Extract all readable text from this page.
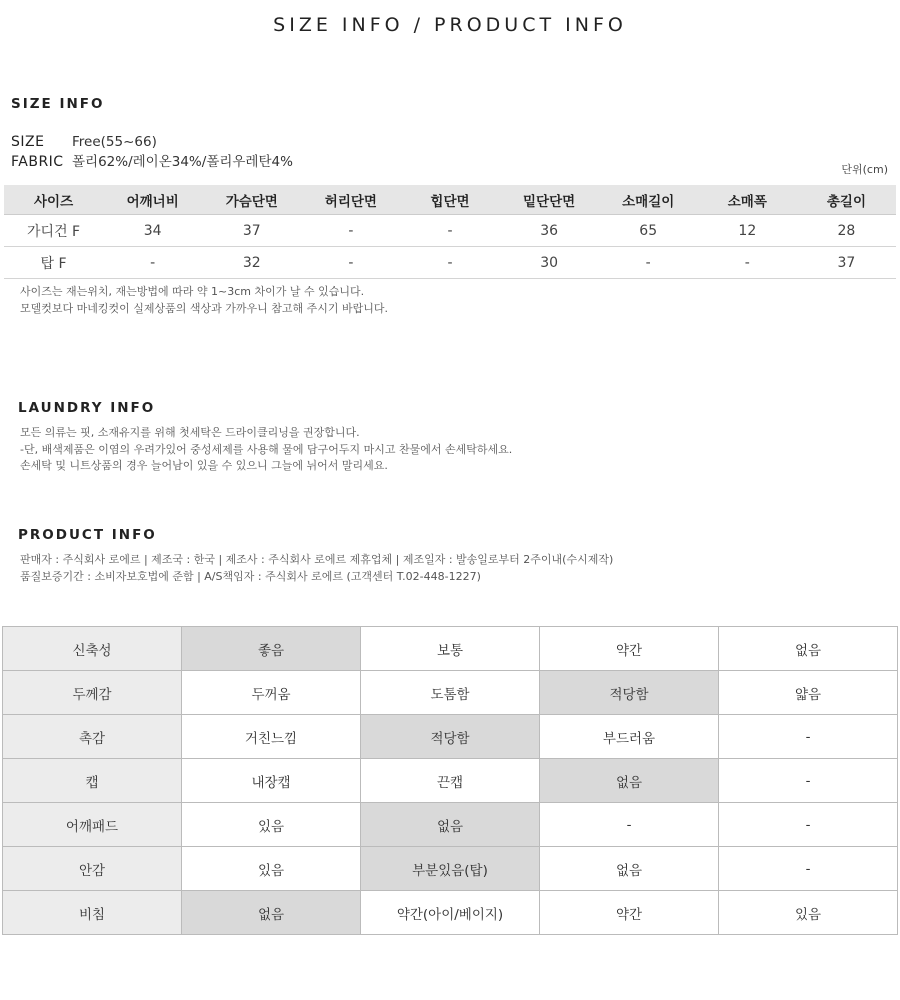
SIZE INFO / PRODUCT INFO
SIZE INFO
SIZE Free(55~66)
FABRIC 폴리62%/레이온34%/폴리우레탄4%	단위(cm)
사이즈	어깨너비	가슴단면	허리단면	힙단면	밑단단면	소매길이	소매폭	총길이
가디건 F	34	37	-	-	36	65	12	28
탑 F	-	32	-	-	30	-	-	37
사이즈는 재는위치, 재는방법에 따라 약 1~3cm 차이가 날 수 있습니다.
모델컷보다 마네킹컷이 실제상품의 색상과 가까우니 참고해 주시기 바랍니다.
LAUNDRY INFO
모든 의류는 핏, 소재유지를 위해 첫세탁은 드라이클리닝을 권장합니다.
-단, 배색제품은 이염의 우려가있어 중성세제를 사용해 물에 담구어두지 마시고 찬물에서 손세탁하세요.
손세탁 및 니트상품의 경우 늘어남이 있을 수 있으니 그늘에 뉘어서 말리세요.
PRODUCT INFO
판매자 : 주식회사 로에르 | 제조국 : 한국 | 제조사 : 주식회사 로에르 제휴업체 | 제조일자 : 발송일로부터 2주이내(수시제작)
품질보증기간 : 소비자보호법에 준함 | A/S책임자 : 주식회사 로에르 (고객센터 T.02-448-1227)
신축성	좋음	보통	약간	없음
두께감	두꺼움	도톰함	적당함	얇음
촉감	거친느낌	적당함	부드러움	-
캡	내장캡	끈캡	없음	-
어깨패드	있음	없음	-	-
안감	있음	부분있음(탑)	없음	-
비침	없음	약간(아이/베이지)	약간	있음
